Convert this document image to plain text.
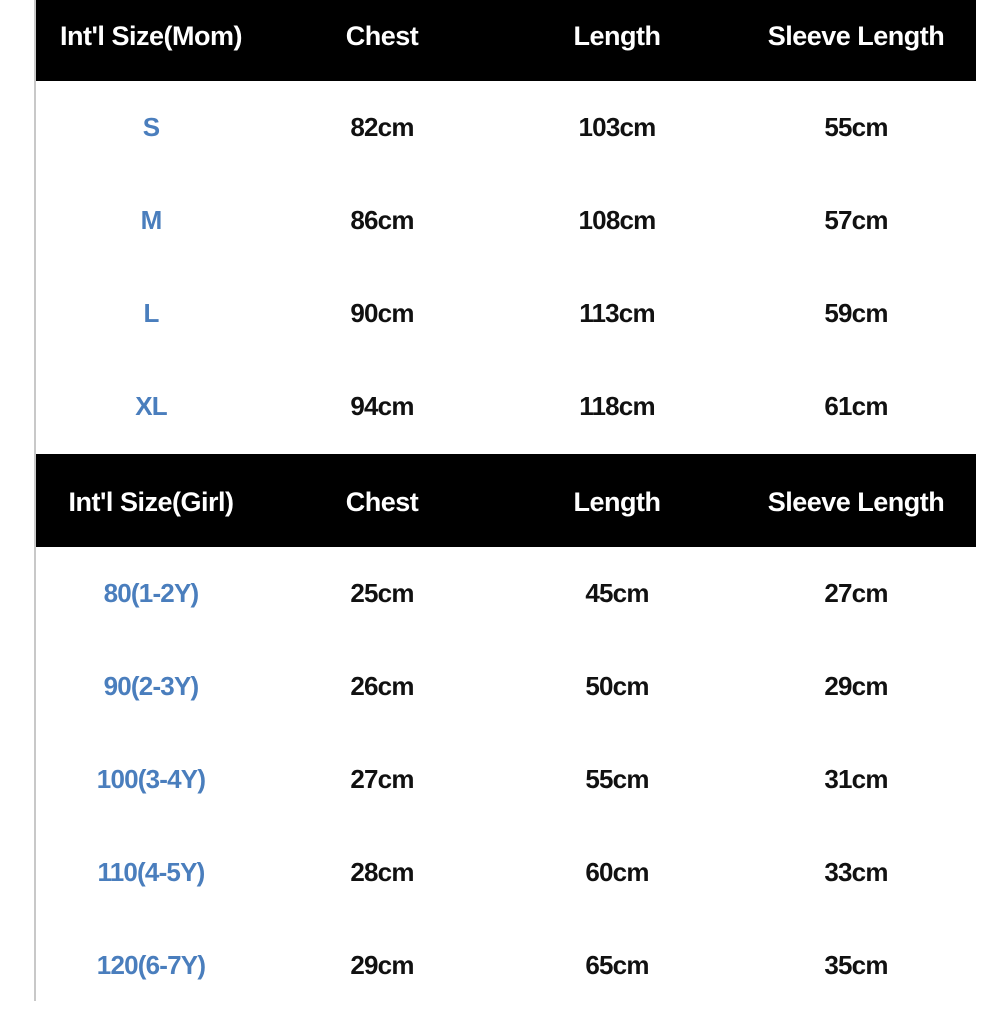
Int'l Size(Mom)	Chest	Length	Sleeve Length
S	82cm	103cm	55cm
M	86cm	108cm	57cm
L	90cm	113cm	59cm
XL	94cm	118cm	61cm
Int'l Size(Girl)	Chest	Length	Sleeve Length
80(1-2Y)	25cm	45cm	27cm
90(2-3Y)	26cm	50cm	29cm
100(3-4Y)	27cm	55cm	31cm
110(4-5Y)	28cm	60cm	33cm
120(6-7Y)	29cm	65cm	35cm
